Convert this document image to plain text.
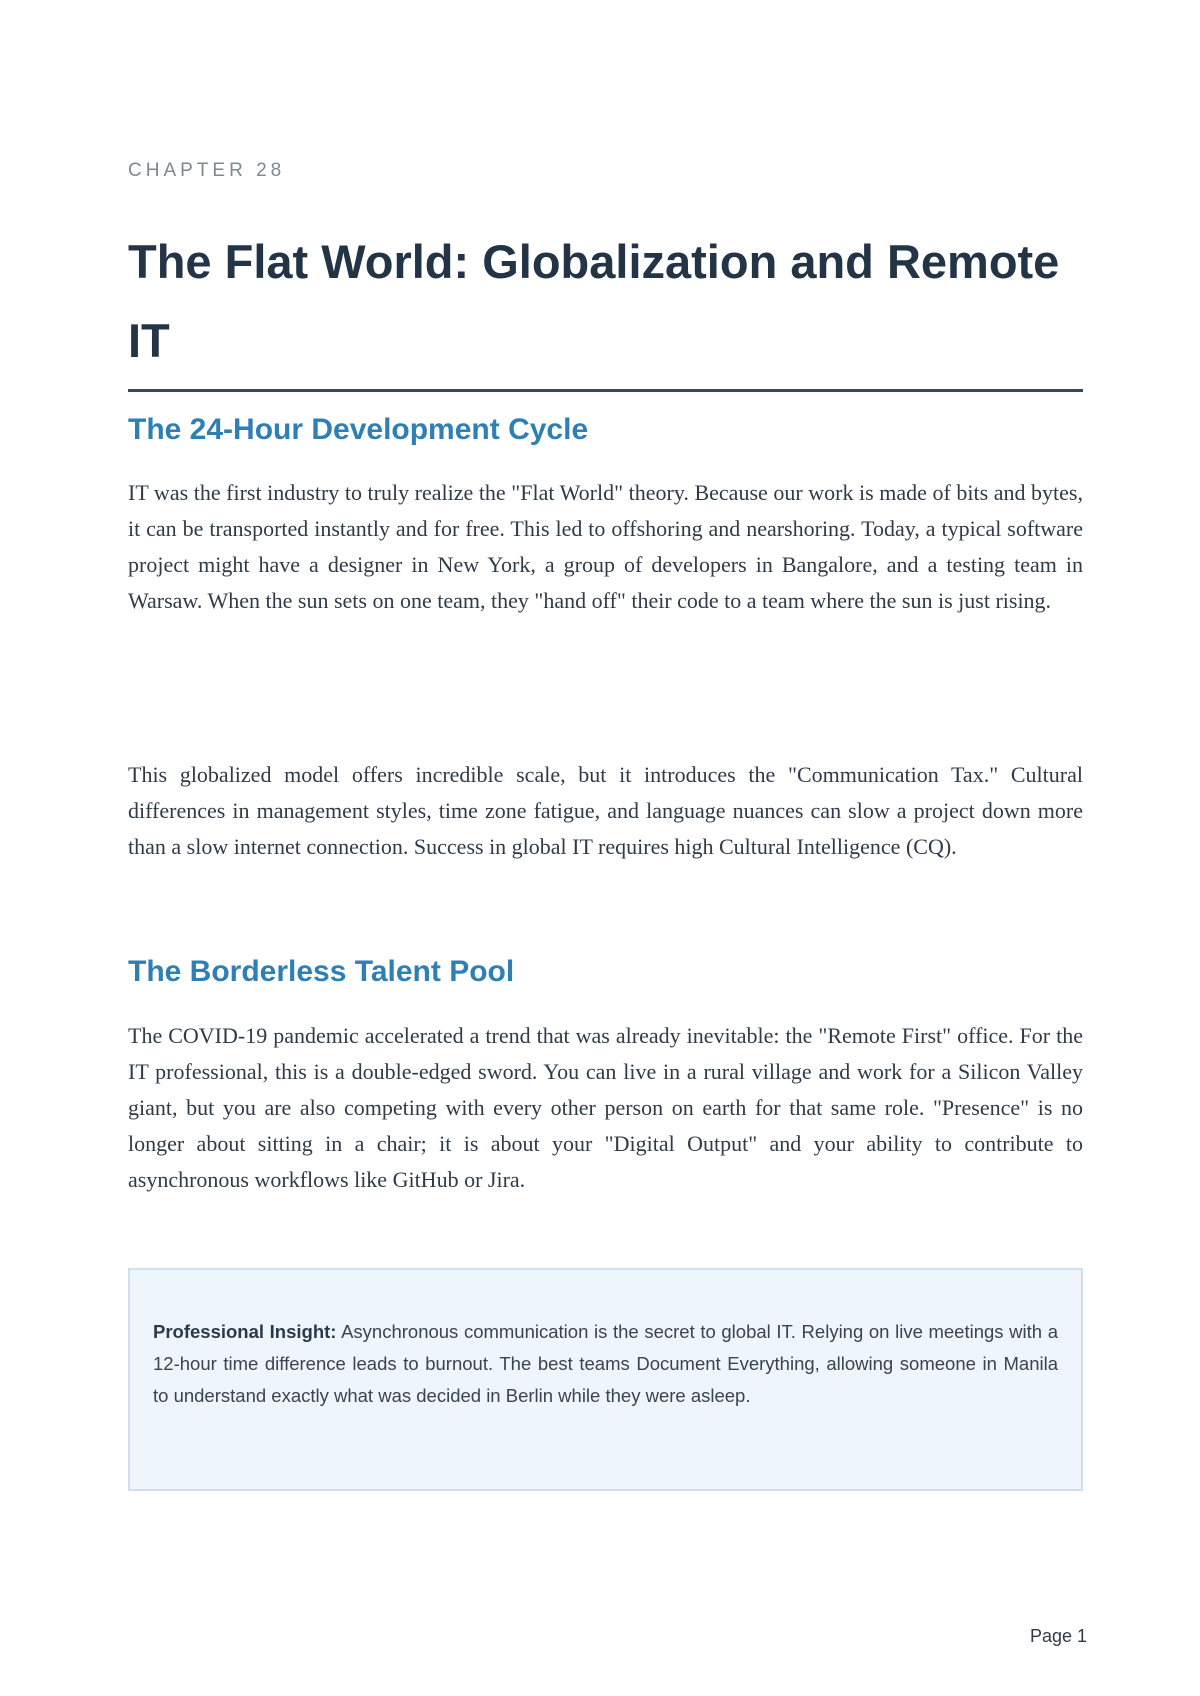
CHAPTER 28
The Flat World: Globalization and Remote IT
The 24-Hour Development Cycle

IT was the first industry to truly realize the "Flat World" theory. Because our work is made of bits and bytes, it can be transported instantly and for free. This led to offshoring and nearshoring. Today, a typical software project might have a designer in New York, a group of developers in Bangalore, and a testing team in Warsaw. When the sun sets on one team, they "hand off" their code to a team where the sun is just rising.

This globalized model offers incredible scale, but it introduces the "Communication Tax." Cultural differences in management styles, time zone fatigue, and language nuances can slow a project down more than a slow internet connection. Success in global IT requires high Cultural Intelligence (CQ).

The Borderless Talent Pool

The COVID-19 pandemic accelerated a trend that was already inevitable: the "Remote First" office. For the IT professional, this is a double-edged sword. You can live in a rural village and work for a Silicon Valley giant, but you are also competing with every other person on earth for that same role. "Presence" is no longer about sitting in a chair; it is about your "Digital Output" and your ability to contribute to asynchronous workflows like GitHub or Jira.

Professional Insight: Asynchronous communication is the secret to global IT. Relying on live meetings with a 12-hour time difference leads to burnout. The best teams Document Everything, allowing someone in Manila to understand exactly what was decided in Berlin while they were asleep.

Page 1
